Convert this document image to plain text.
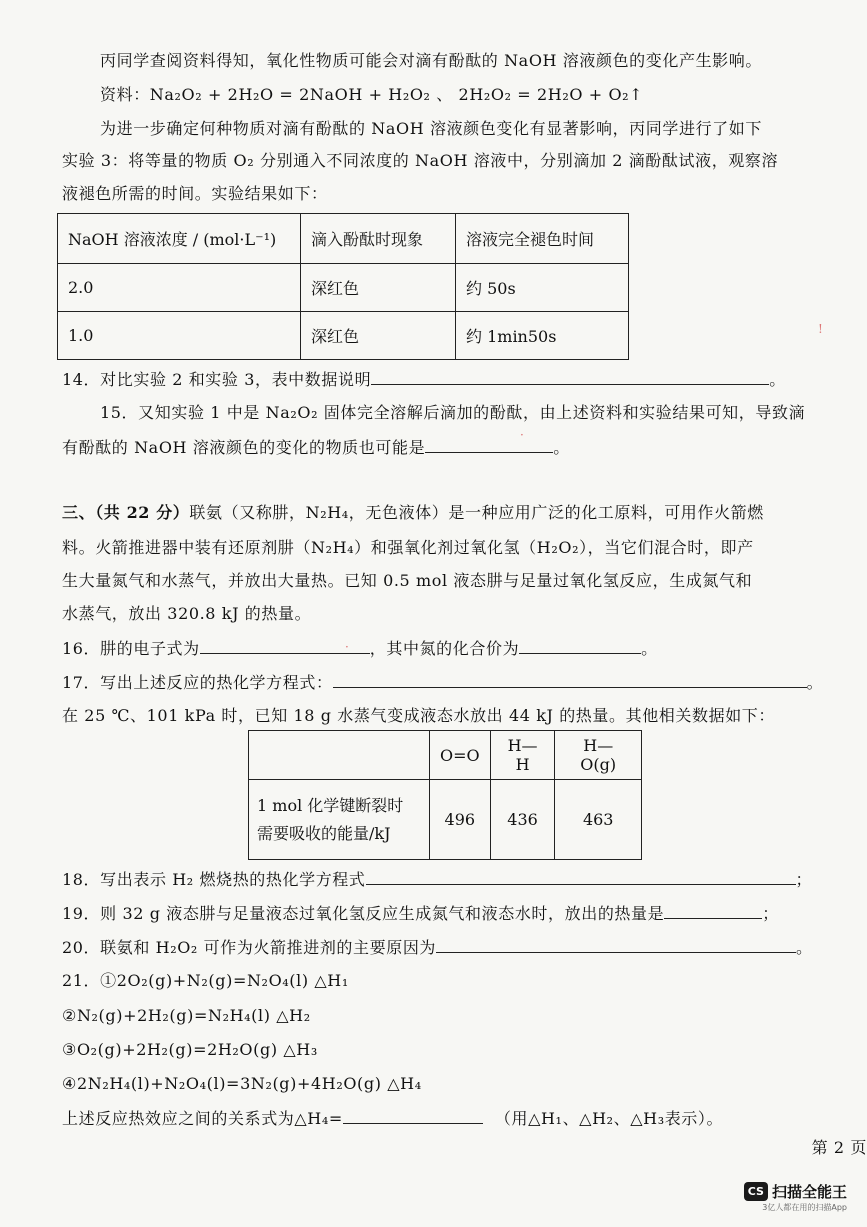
丙同学查阅资料得知，氧化性物质可能会对滴有酚酞的 NaOH 溶液颜色的变化产生影响。
资料：Na₂O₂ + 2H₂O = 2NaOH + H₂O₂ 、 2H₂O₂ = 2H₂O + O₂↑
为进一步确定何种物质对滴有酚酞的 NaOH 溶液颜色变化有显著影响，丙同学进行了如下
实验 3：将等量的物质 O₂ 分别通入不同浓度的 NaOH 溶液中，分别滴加 2 滴酚酞试液，观察溶
液褪色所需的时间。实验结果如下：
NaOH 溶液浓度 / (mol·L⁻¹)	滴入酚酞时现象	溶液完全褪色时间
2.0	深红色	约 50s
1.0	深红色	约 1min50s
14．对比实验 2 和实验 3，表中数据说明	。
15．又知实验 1 中是 Na₂O₂ 固体完全溶解后滴加的酚酞，由上述资料和实验结果可知，导致滴
有酚酞的 NaOH 溶液颜色的变化的物质也可能是	。
三、（共 22 分）联氨（又称肼，N₂H₄，无色液体）是一种应用广泛的化工原料，可用作火箭燃
料。火箭推进器中装有还原剂肼（N₂H₄）和强氧化剂过氧化氢（H₂O₂），当它们混合时，即产
生大量氮气和水蒸气，并放出大量热。已知 0.5 mol 液态肼与足量过氧化氢反应，生成氮气和
水蒸气，放出 320.8 kJ 的热量。
16．肼的电子式为	，其中氮的化合价为	。
17．写出上述反应的热化学方程式：	。
在 25 ℃、101 kPa 时，已知 18 g 水蒸气变成液态水放出 44 kJ 的热量。其他相关数据如下：
	O=O	H—H	H—O(g)

1 mol 化学键断裂时
需要吸收的能量/kJ	496	436	463
18．写出表示 H₂ 燃烧热的热化学方程式	；
19．则 32 g 液态肼与足量液态过氧化氢反应生成氮气和液态水时，放出的热量是	；
20．联氨和 H₂O₂ 可作为火箭推进剂的主要原因为	。
21．①2O₂(g)+N₂(g)=N₂O₄(l) △H₁
②N₂(g)+2H₂(g)=N₂H₄(l) △H₂
③O₂(g)+2H₂(g)=2H₂O(g) △H₃
④2N₂H₄(l)+N₂O₄(l)=3N₂(g)+4H₂O(g) △H₄
上述反应热效应之间的关系式为△H₄=	（用△H₁、△H₂、△H₃表示）。
第 2 页
!
·
·
CS 扫描全能王
3亿人都在用的扫描App
